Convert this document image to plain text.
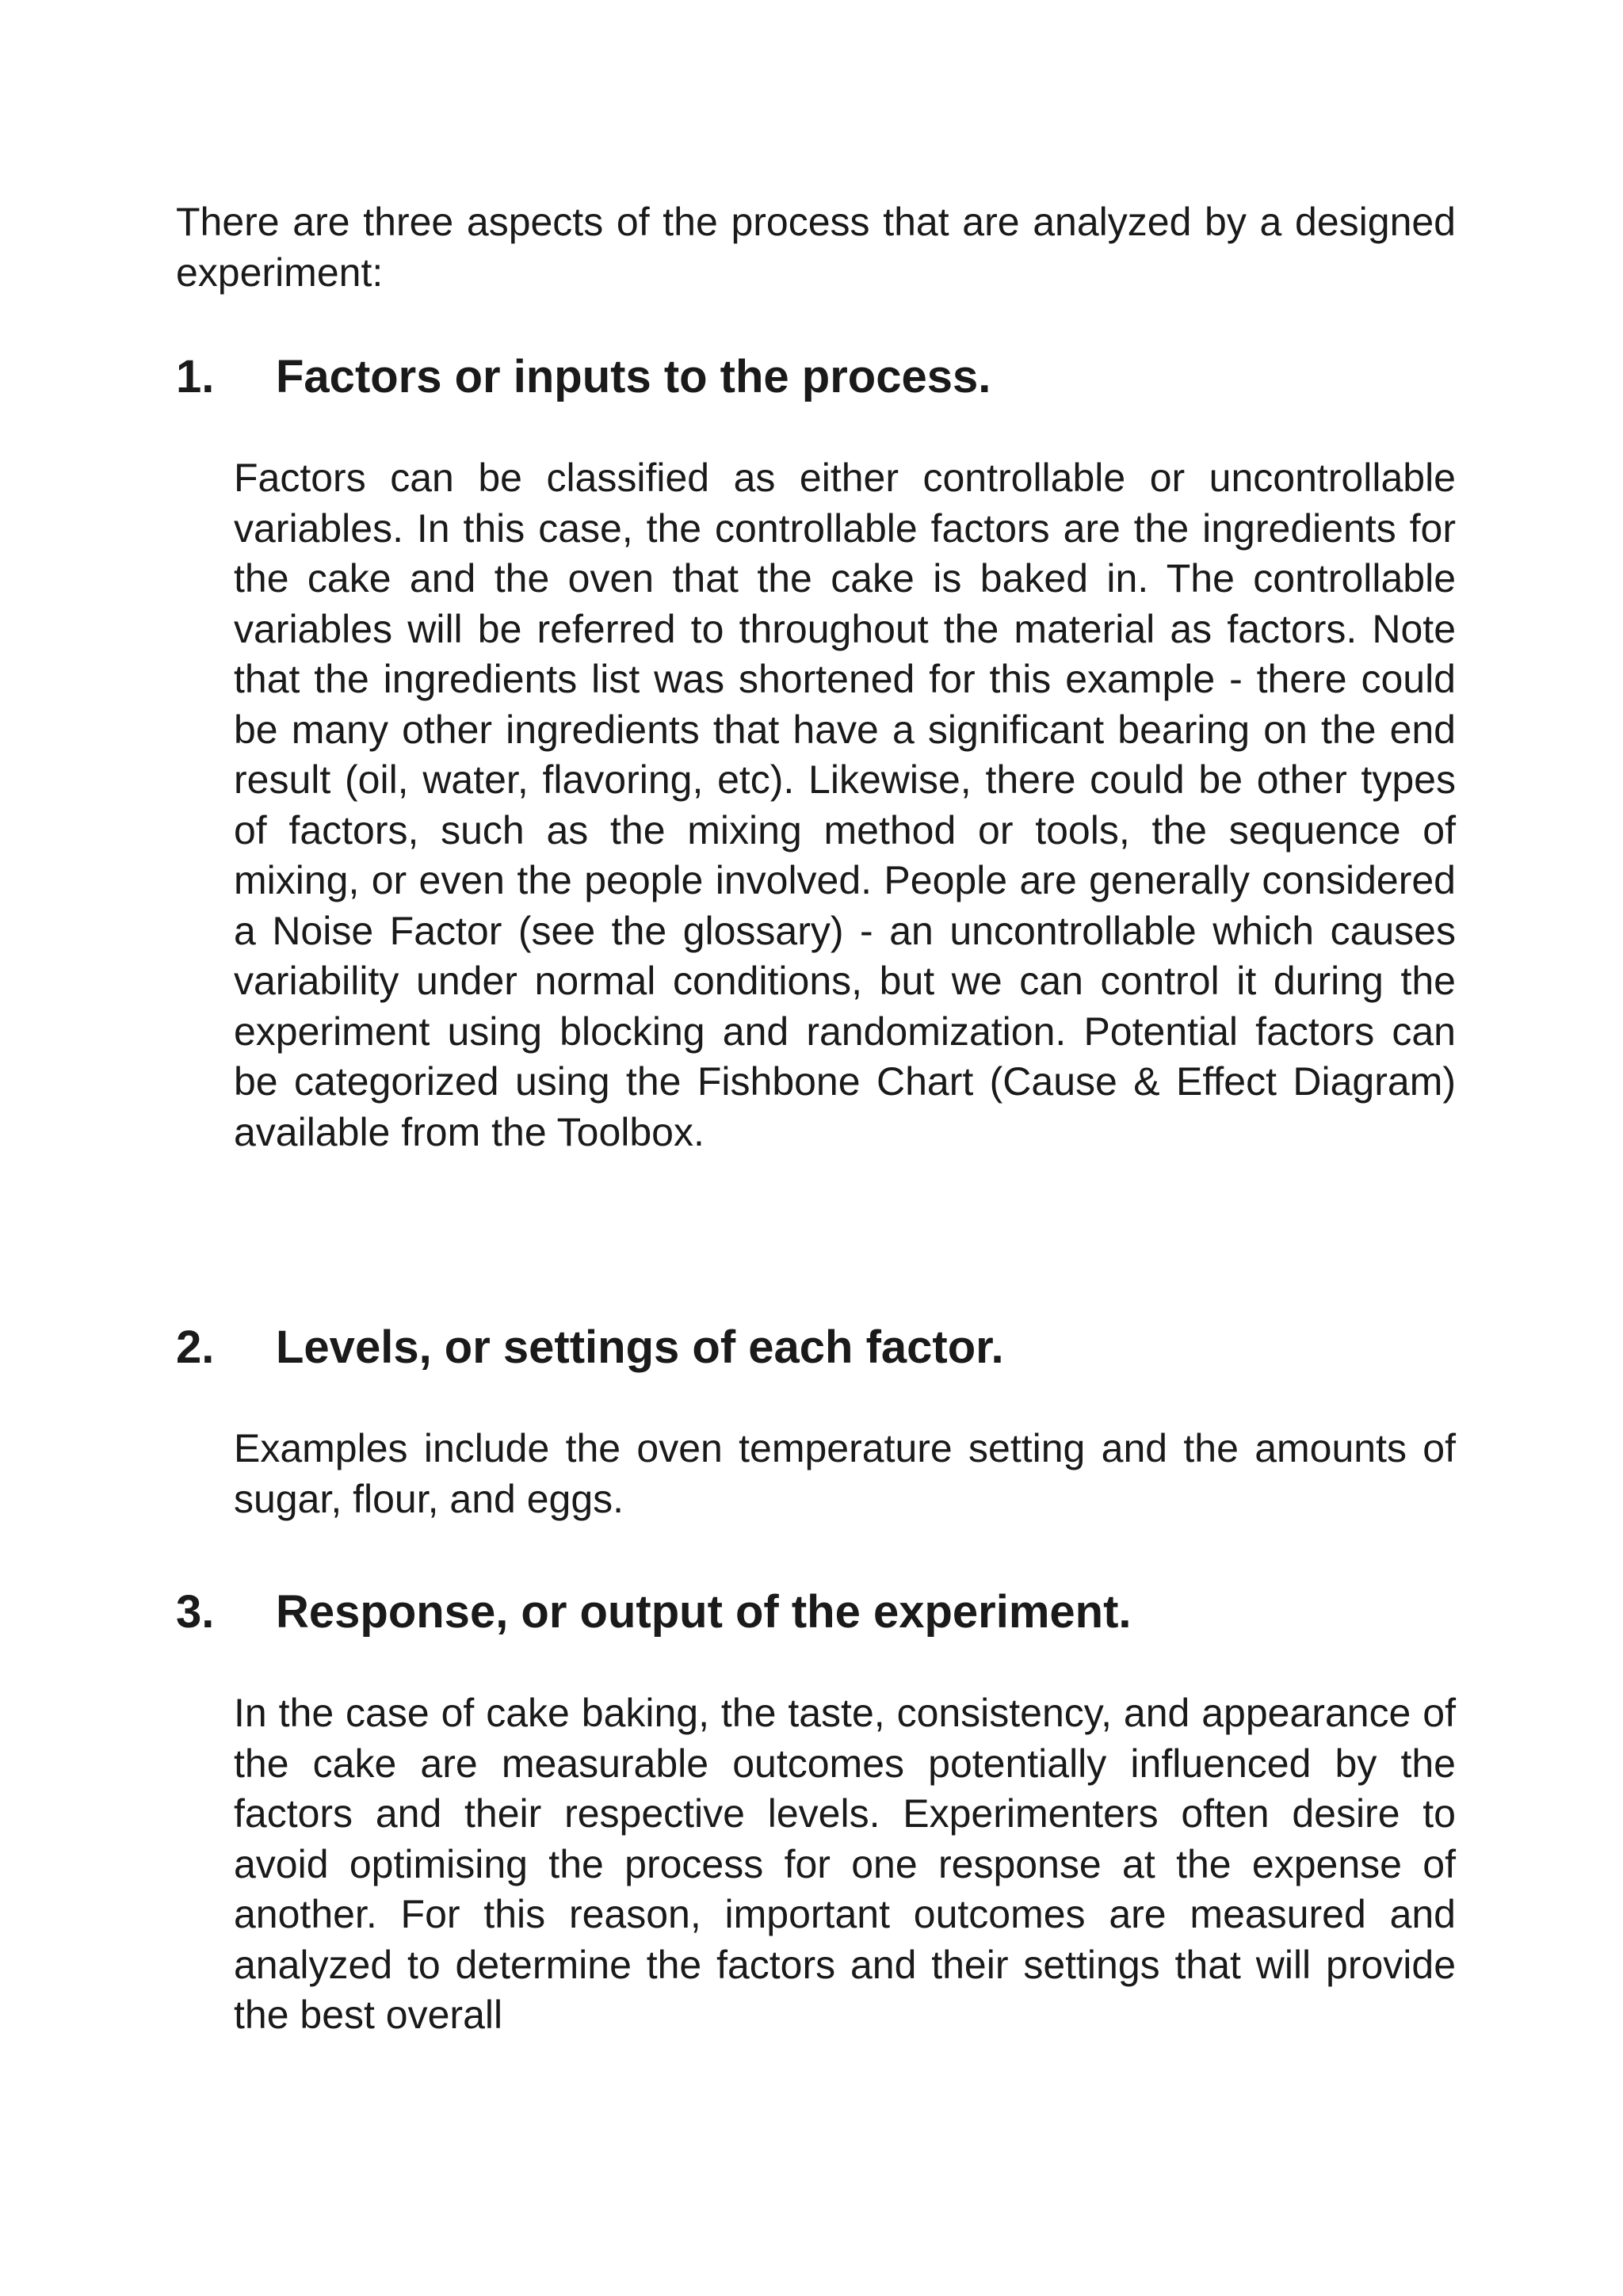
There are three aspects of the process that are analyzed by a designed experiment:

1.	Factors or inputs to the process.

Factors can be classified as either controllable or uncontrollable variables. In this case, the controllable factors are the ingredients for the cake and the oven that the cake is baked in. The controllable variables will be referred to throughout the material as factors. Note that the ingredients list was shortened for this example - there could be many other ingredients that have a significant bearing on the end result (oil, water, flavoring, etc). Likewise, there could be other types of factors, such as the mixing method or tools, the sequence of mixing, or even the people involved. People are generally considered a Noise Factor (see the glossary) - an uncontrollable which causes variability under normal conditions, but we can control it during the experiment using blocking and randomization. Potential factors can be categorized using the Fishbone Chart (Cause & Effect Diagram) available from the Toolbox.

2.	Levels, or settings of each factor.

Examples include the oven temperature setting and the amounts of sugar, flour, and eggs.

3.	Response, or output of the experiment.

In the case of cake baking, the taste, consistency, and appearance of the cake are measurable outcomes potentially influenced by the factors and their respective levels. Experimenters often desire to avoid optimising the process for one response at the expense of another. For this reason, important outcomes are measured and analyzed to determine the factors and their settings that will provide the best overall
